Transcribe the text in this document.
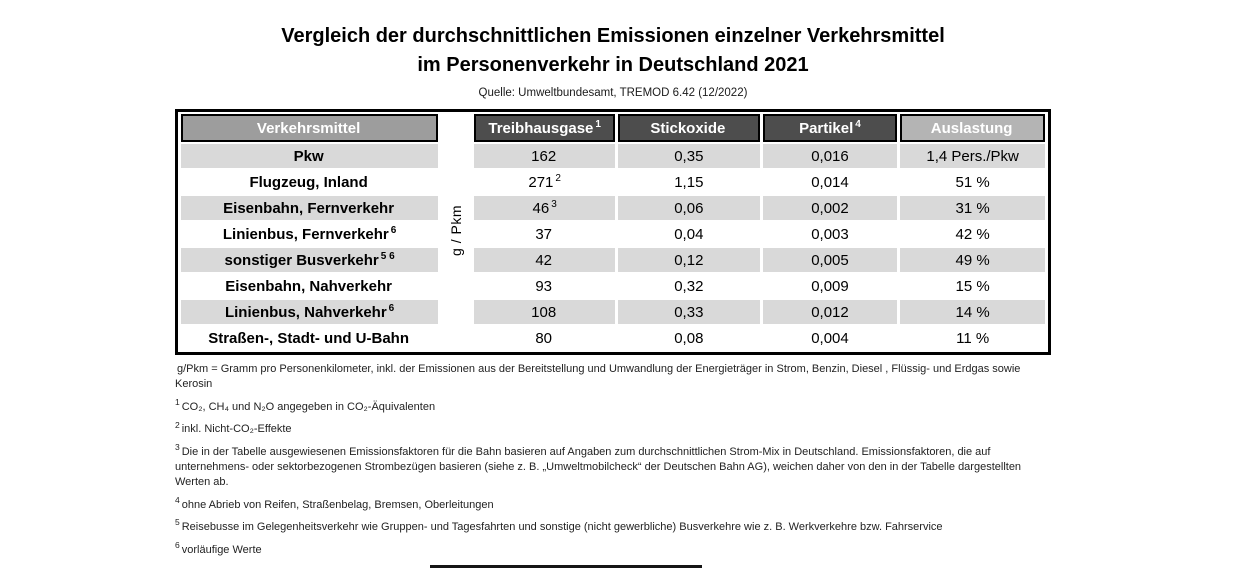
Vergleich der durchschnittlichen Emissionen einzelner Verkehrsmittel
im Personenverkehr in Deutschland 2021
Quelle: Umweltbundesamt, TREMOD 6.42 (12/2022)
Verkehrsmittel	g / Pkm	Treibhausgase $^1$	Stickoxide	Partikel $^4$	Auslastung
Pkw		162	0,35	0,016	1,4 Pers./Pkw
Flugzeug, Inland		271 $^2$	1,15	0,014	51 %
Eisenbahn, Fernverkehr		46 $^3$	0,06	0,002	31 %
Linienbus, Fernverkehr $^6$		37	0,04	0,003	42 %
sonstiger Busverkehr $^{5 6}$		42	0,12	0,005	49 %
Eisenbahn, Nahverkehr		93	0,32	0,009	15 %
Linienbus, Nahverkehr $^6$		108	0,33	0,012	14 %
Straßen-, Stadt- und U-Bahn		80	0,08	0,004	11 %

g/Pkm = Gramm pro Personenkilometer, inkl. der Emissionen aus der Bereitstellung und Umwandlung der Energieträger in Strom, Benzin, Diesel , Flüssig- und Erdgas sowie Kerosin

$^1$ CO₂, CH₄ und N₂O angegeben in CO₂-Äquivalenten

$^2$ inkl. Nicht-CO₂-Effekte

$^3$ Die in der Tabelle ausgewiesenen Emissionsfaktoren für die Bahn basieren auf Angaben zum durchschnittlichen Strom-Mix in Deutschland. Emissionsfaktoren, die auf unternehmens- oder sektorbezogenen Strombezügen basieren (siehe z. B. „Umweltmobilcheck“ der Deutschen Bahn AG), weichen daher von den in der Tabelle dargestellten Werten ab.

$^4$ ohne Abrieb von Reifen, Straßenbelag, Bremsen, Oberleitungen

$^5$ Reisebusse im Gelegenheitsverkehr wie Gruppen- und Tagesfahrten und sonstige (nicht gewerbliche) Busverkehre wie z. B. Werkverkehre bzw. Fahrservice

$^6$ vorläufige Werte
